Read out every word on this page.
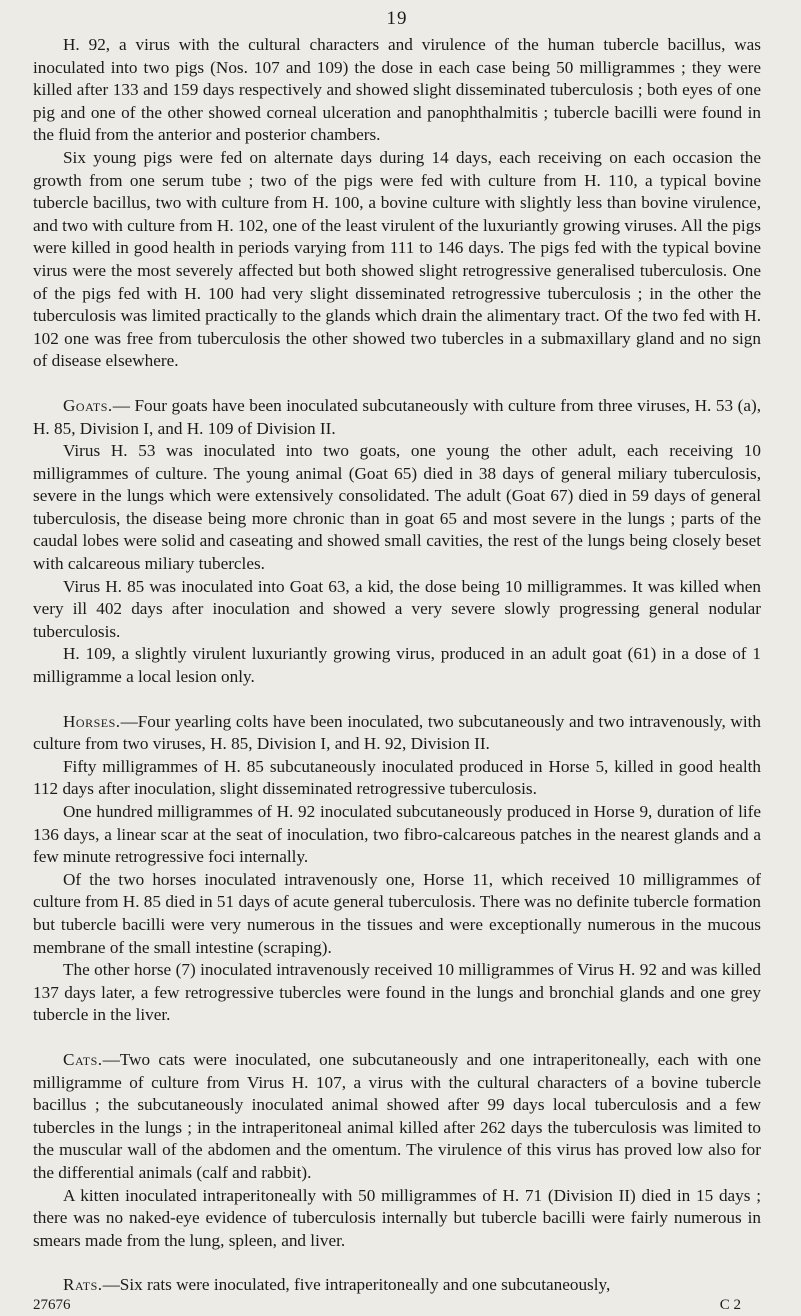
19

H. 92, a virus with the cultural characters and virulence of the human tubercle bacillus, was inoculated into two pigs (Nos. 107 and 109) the dose in each case being 50 milligrammes ; they were killed after 133 and 159 days respectively and showed slight disseminated tuberculosis ; both eyes of one pig and one of the other showed corneal ulceration and panophthalmitis ; tubercle bacilli were found in the fluid from the anterior and posterior chambers.

Six young pigs were fed on alternate days during 14 days, each receiving on each occasion the growth from one serum tube ; two of the pigs were fed with culture from H. 110, a typical bovine tubercle bacillus, two with culture from H. 100, a bovine culture with slightly less than bovine virulence, and two with culture from H. 102, one of the least virulent of the luxuriantly growing viruses. All the pigs were killed in good health in periods varying from 111 to 146 days. The pigs fed with the typical bovine virus were the most severely affected but both showed slight retrogressive generalised tuberculosis. One of the pigs fed with H. 100 had very slight disseminated retrogressive tuberculosis ; in the other the tuberculosis was limited practically to the glands which drain the alimentary tract. Of the two fed with H. 102 one was free from tuberculosis the other showed two tubercles in a submaxillary gland and no sign of disease elsewhere.

Goats.— Four goats have been inoculated subcutaneously with culture from three viruses, H. 53 (a), H. 85, Division I, and H. 109 of Division II.

Virus H. 53 was inoculated into two goats, one young the other adult, each receiving 10 milligrammes of culture. The young animal (Goat 65) died in 38 days of general miliary tuberculosis, severe in the lungs which were extensively consolidated. The adult (Goat 67) died in 59 days of general tuberculosis, the disease being more chronic than in goat 65 and most severe in the lungs ; parts of the caudal lobes were solid and caseating and showed small cavities, the rest of the lungs being closely beset with calcareous miliary tubercles.

Virus H. 85 was inoculated into Goat 63, a kid, the dose being 10 milligrammes. It was killed when very ill 402 days after inoculation and showed a very severe slowly progressing general nodular tuberculosis.

H. 109, a slightly virulent luxuriantly growing virus, produced in an adult goat (61) in a dose of 1 milligramme a local lesion only.

Horses.—Four yearling colts have been inoculated, two subcutaneously and two intravenously, with culture from two viruses, H. 85, Division I, and H. 92, Division II.

Fifty milligrammes of H. 85 subcutaneously inoculated produced in Horse 5, killed in good health 112 days after inoculation, slight disseminated retrogressive tuberculosis.

One hundred milligrammes of H. 92 inoculated subcutaneously produced in Horse 9, duration of life 136 days, a linear scar at the seat of inoculation, two fibro-calcareous patches in the nearest glands and a few minute retrogressive foci internally.

Of the two horses inoculated intravenously one, Horse 11, which received 10 milligrammes of culture from H. 85 died in 51 days of acute general tuberculosis. There was no definite tubercle formation but tubercle bacilli were very numerous in the tissues and were exceptionally numerous in the mucous membrane of the small intestine (scraping).

The other horse (7) inoculated intravenously received 10 milligrammes of Virus H. 92 and was killed 137 days later, a few retrogressive tubercles were found in the lungs and bronchial glands and one grey tubercle in the liver.

Cats.—Two cats were inoculated, one subcutaneously and one intraperitoneally, each with one milligramme of culture from Virus H. 107, a virus with the cultural characters of a bovine tubercle bacillus ; the subcutaneously inoculated animal showed after 99 days local tuberculosis and a few tubercles in the lungs ; in the intraperitoneal animal killed after 262 days the tuberculosis was limited to the muscular wall of the abdomen and the omentum. The virulence of this virus has proved low also for the differential animals (calf and rabbit).

A kitten inoculated intraperitoneally with 50 milligrammes of H. 71 (Division II) died in 15 days ; there was no naked-eye evidence of tuberculosis internally but tubercle bacilli were fairly numerous in smears made from the lung, spleen, and liver.

Rats.—Six rats were inoculated, five intraperitoneally and one subcutaneously,

27676	C 2
